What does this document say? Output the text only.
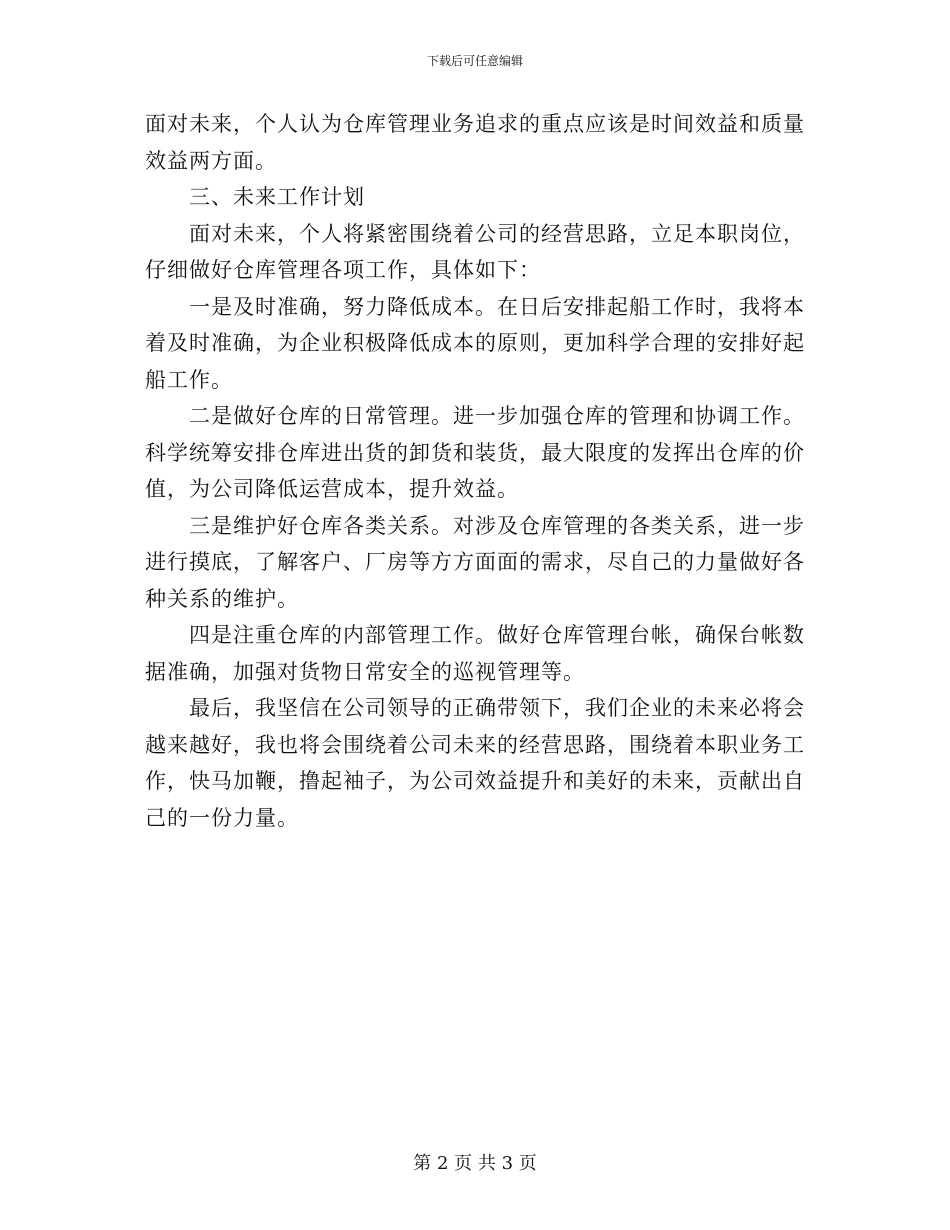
下载后可任意编辑

面对未来，个人认为仓库管理业务追求的重点应该是时间效益和质量效益两方面。

三、未来工作计划

面对未来，个人将紧密围绕着公司的经营思路，立足本职岗位，仔细做好仓库管理各项工作，具体如下：

一是及时准确，努力降低成本。在日后安排起船工作时，我将本着及时准确，为企业积极降低成本的原则，更加科学合理的安排好起船工作。

二是做好仓库的日常管理。进一步加强仓库的管理和协调工作。科学统筹安排仓库进出货的卸货和装货，最大限度的发挥出仓库的价值，为公司降低运营成本，提升效益。

三是维护好仓库各类关系。对涉及仓库管理的各类关系，进一步进行摸底，了解客户、厂房等方方面面的需求，尽自己的力量做好各种关系的维护。

四是注重仓库的内部管理工作。做好仓库管理台帐，确保台帐数据准确，加强对货物日常安全的巡视管理等。

最后，我坚信在公司领导的正确带领下，我们企业的未来必将会越来越好，我也将会围绕着公司未来的经营思路，围绕着本职业务工作，快马加鞭，撸起袖子，为公司效益提升和美好的未来，贡献出自己的一份力量。

第 2 页 共 3 页
